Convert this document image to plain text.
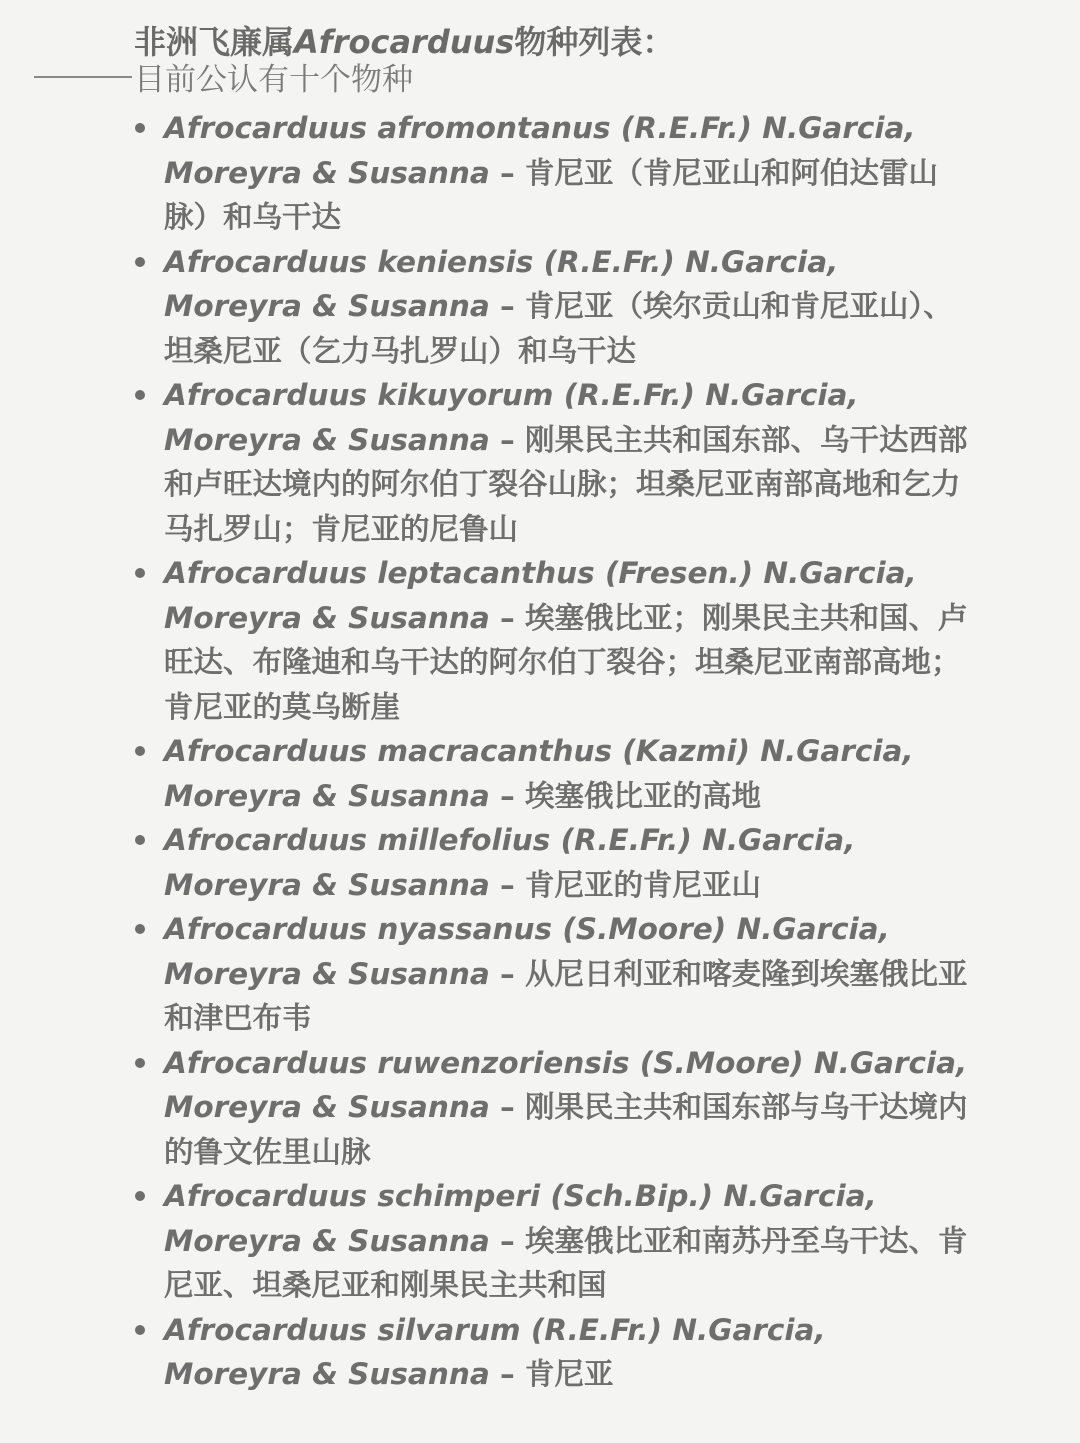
非洲飞廉属Afrocarduus物种列表：
目前公认有十个物种
Afrocarduus afromontanus (R.E.Fr.) N.Garcia, Moreyra & Susanna – 肯尼亚（肯尼亚山和阿伯达雷山脉）和乌干达
Afrocarduus keniensis (R.E.Fr.) N.Garcia, Moreyra & Susanna – 肯尼亚（埃尔贡山和肯尼亚山）、坦桑尼亚（乞力马扎罗山）和乌干达
Afrocarduus kikuyorum (R.E.Fr.) N.Garcia, Moreyra & Susanna – 刚果民主共和国东部、乌干达西部和卢旺达境内的阿尔伯丁裂谷山脉；坦桑尼亚南部高地和乞力马扎罗山；肯尼亚的尼鲁山
Afrocarduus leptacanthus (Fresen.) N.Garcia, Moreyra & Susanna – 埃塞俄比亚；刚果民主共和国、卢旺达、布隆迪和乌干达的阿尔伯丁裂谷；坦桑尼亚南部高地；肯尼亚的莫乌断崖
Afrocarduus macracanthus (Kazmi) N.Garcia, Moreyra & Susanna – 埃塞俄比亚的高地
Afrocarduus millefolius (R.E.Fr.) N.Garcia, Moreyra & Susanna – 肯尼亚的肯尼亚山
Afrocarduus nyassanus (S.Moore) N.Garcia, Moreyra & Susanna – 从尼日利亚和喀麦隆到埃塞俄比亚和津巴布韦
Afrocarduus ruwenzoriensis (S.Moore) N.Garcia, Moreyra & Susanna – 刚果民主共和国东部与乌干达境内的鲁文佐里山脉
Afrocarduus schimperi (Sch.Bip.) N.Garcia, Moreyra & Susanna – 埃塞俄比亚和南苏丹至乌干达、肯尼亚、坦桑尼亚和刚果民主共和国
Afrocarduus silvarum (R.E.Fr.) N.Garcia, Moreyra & Susanna – 肯尼亚
